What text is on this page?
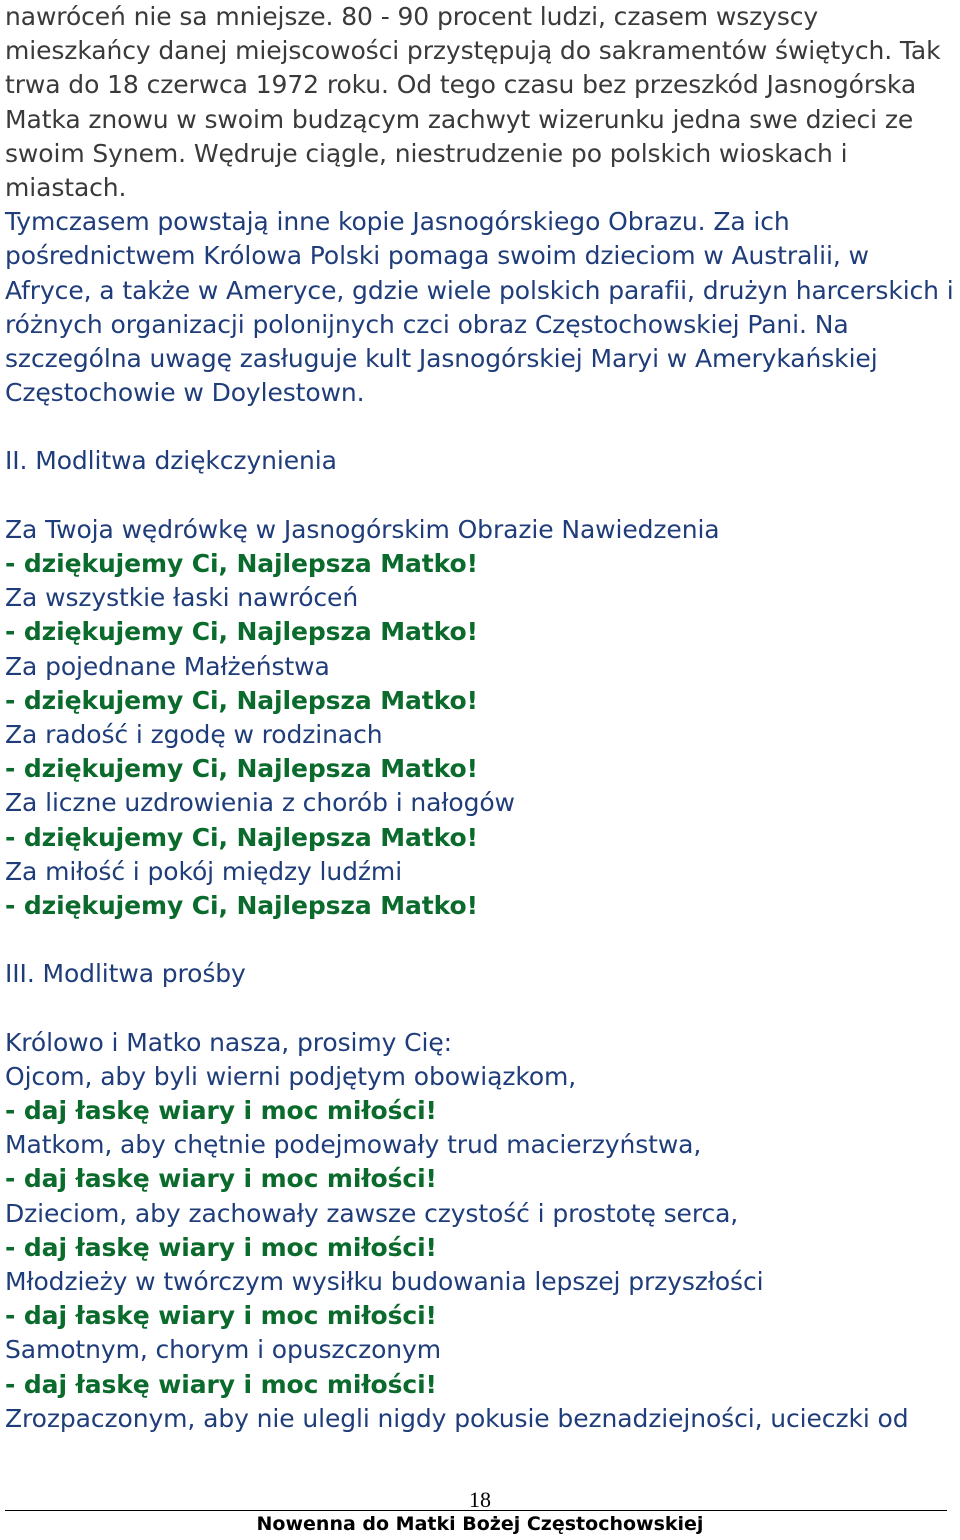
nawróceń nie sa mniejsze. 80 - 90 procent ludzi, czasem wszyscy
mieszkańcy danej miejscowości przystępują do sakramentów świętych. Tak
trwa do 18 czerwca 1972 roku. Od tego czasu bez przeszkód Jasnogórska
Matka znowu w swoim budzącym zachwyt wizerunku jedna swe dzieci ze
swoim Synem. Wędruje ciągle, niestrudzenie po polskich wioskach i
miastach.
Tymczasem powstają inne kopie Jasnogórskiego Obrazu. Za ich
pośrednictwem Królowa Polski pomaga swoim dzieciom w Australii, w
Afryce, a także w Ameryce, gdzie wiele polskich parafii, drużyn harcerskich i
różnych organizacji polonijnych czci obraz Częstochowskiej Pani. Na
szczególna uwagę zasługuje kult Jasnogórskiej Maryi w Amerykańskiej
Częstochowie w Doylestown.
II. Modlitwa dziękczynienia
Za Twoja wędrówkę w Jasnogórskim Obrazie Nawiedzenia
- dziękujemy Ci, Najlepsza Matko!
Za wszystkie łaski nawróceń
- dziękujemy Ci, Najlepsza Matko!
Za pojednane Małżeństwa
- dziękujemy Ci, Najlepsza Matko!
Za radość i zgodę w rodzinach
- dziękujemy Ci, Najlepsza Matko!
Za liczne uzdrowienia z chorób i nałogów
- dziękujemy Ci, Najlepsza Matko!
Za miłość i pokój między ludźmi
- dziękujemy Ci, Najlepsza Matko!
III. Modlitwa prośby
Królowo i Matko nasza, prosimy Cię:
Ojcom, aby byli wierni podjętym obowiązkom,
- daj łaskę wiary i moc miłości!
Matkom, aby chętnie podejmowały trud macierzyństwa,
- daj łaskę wiary i moc miłości!
Dzieciom, aby zachowały zawsze czystość i prostotę serca,
- daj łaskę wiary i moc miłości!
Młodzieży w twórczym wysiłku budowania lepszej przyszłości
- daj łaskę wiary i moc miłości!
Samotnym, chorym i opuszczonym
- daj łaskę wiary i moc miłości!
Zrozpaczonym, aby nie ulegli nigdy pokusie beznadziejności, ucieczki od
18
Nowenna do Matki Bożej Częstochowskiej
